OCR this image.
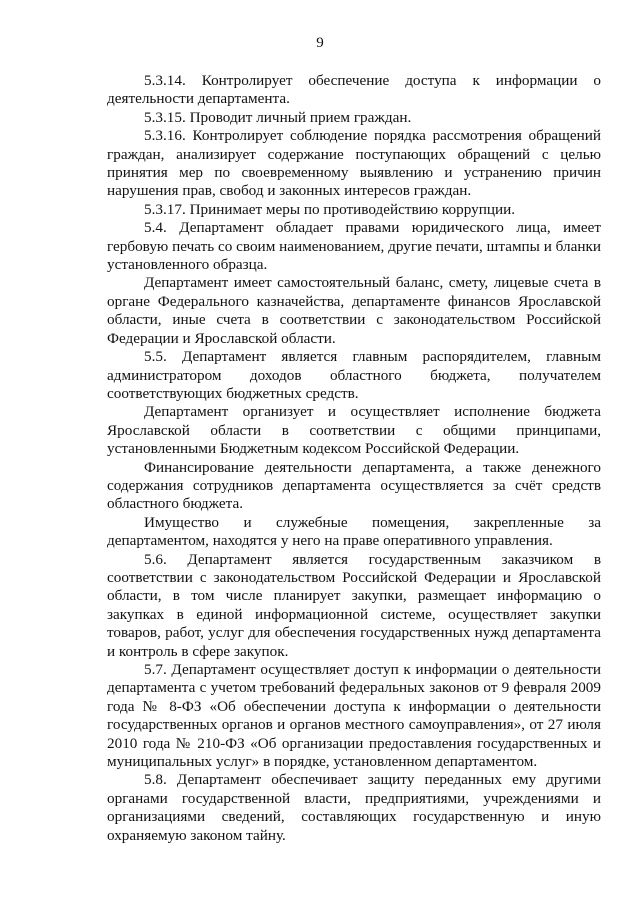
9

5.3.14. Контролирует обеспечение доступа к информации о деятельности департамента.

5.3.15. Проводит личный прием граждан.

5.3.16. Контролирует соблюдение порядка рассмотрения обращений граждан, анализирует содержание поступающих обращений с целью принятия мер по своевременному выявлению и устранению причин нарушения прав, свобод и законных интересов граждан.

5.3.17. Принимает меры по противодействию коррупции.

5.4. Департамент обладает правами юридического лица, имеет гербовую печать со своим наименованием, другие печати, штампы и бланки установленного образца.

Департамент имеет самостоятельный баланс, смету, лицевые счета в органе Федерального казначейства, департаменте финансов Ярославской области, иные счета в соответствии с законодательством Российской Федерации и Ярославской области.

5.5. Департамент является главным распорядителем, главным администратором доходов областного бюджета, получателем соответствующих бюджетных средств.

Департамент организует и осуществляет исполнение бюджета Ярославской области в соответствии с общими принципами, установленными Бюджетным кодексом Российской Федерации.

Финансирование деятельности департамента, а также денежного содержания сотрудников департамента осуществляется за счёт средств областного бюджета.

Имущество и служебные помещения, закрепленные за департаментом, находятся у него на праве оперативного управления.

5.6. Департамент является государственным заказчиком в соответствии с законодательством Российской Федерации и Ярославской области, в том числе планирует закупки, размещает информацию о закупках в единой информационной системе, осуществляет закупки товаров, работ, услуг для обеспечения государственных нужд департамента и контроль в сфере закупок.

5.7. Департамент осуществляет доступ к информации о деятельности департамента с учетом требований федеральных законов от 9 февраля 2009 года № 8-ФЗ «Об обеспечении доступа к информации о деятельности государственных органов и органов местного самоуправления», от 27 июля 2010 года № 210-ФЗ «Об организации предоставления государственных и муниципальных услуг» в порядке, установленном департаментом.

5.8. Департамент обеспечивает защиту переданных ему другими органами государственной власти, предприятиями, учреждениями и организациями сведений, составляющих государственную и иную охраняемую законом тайну.
